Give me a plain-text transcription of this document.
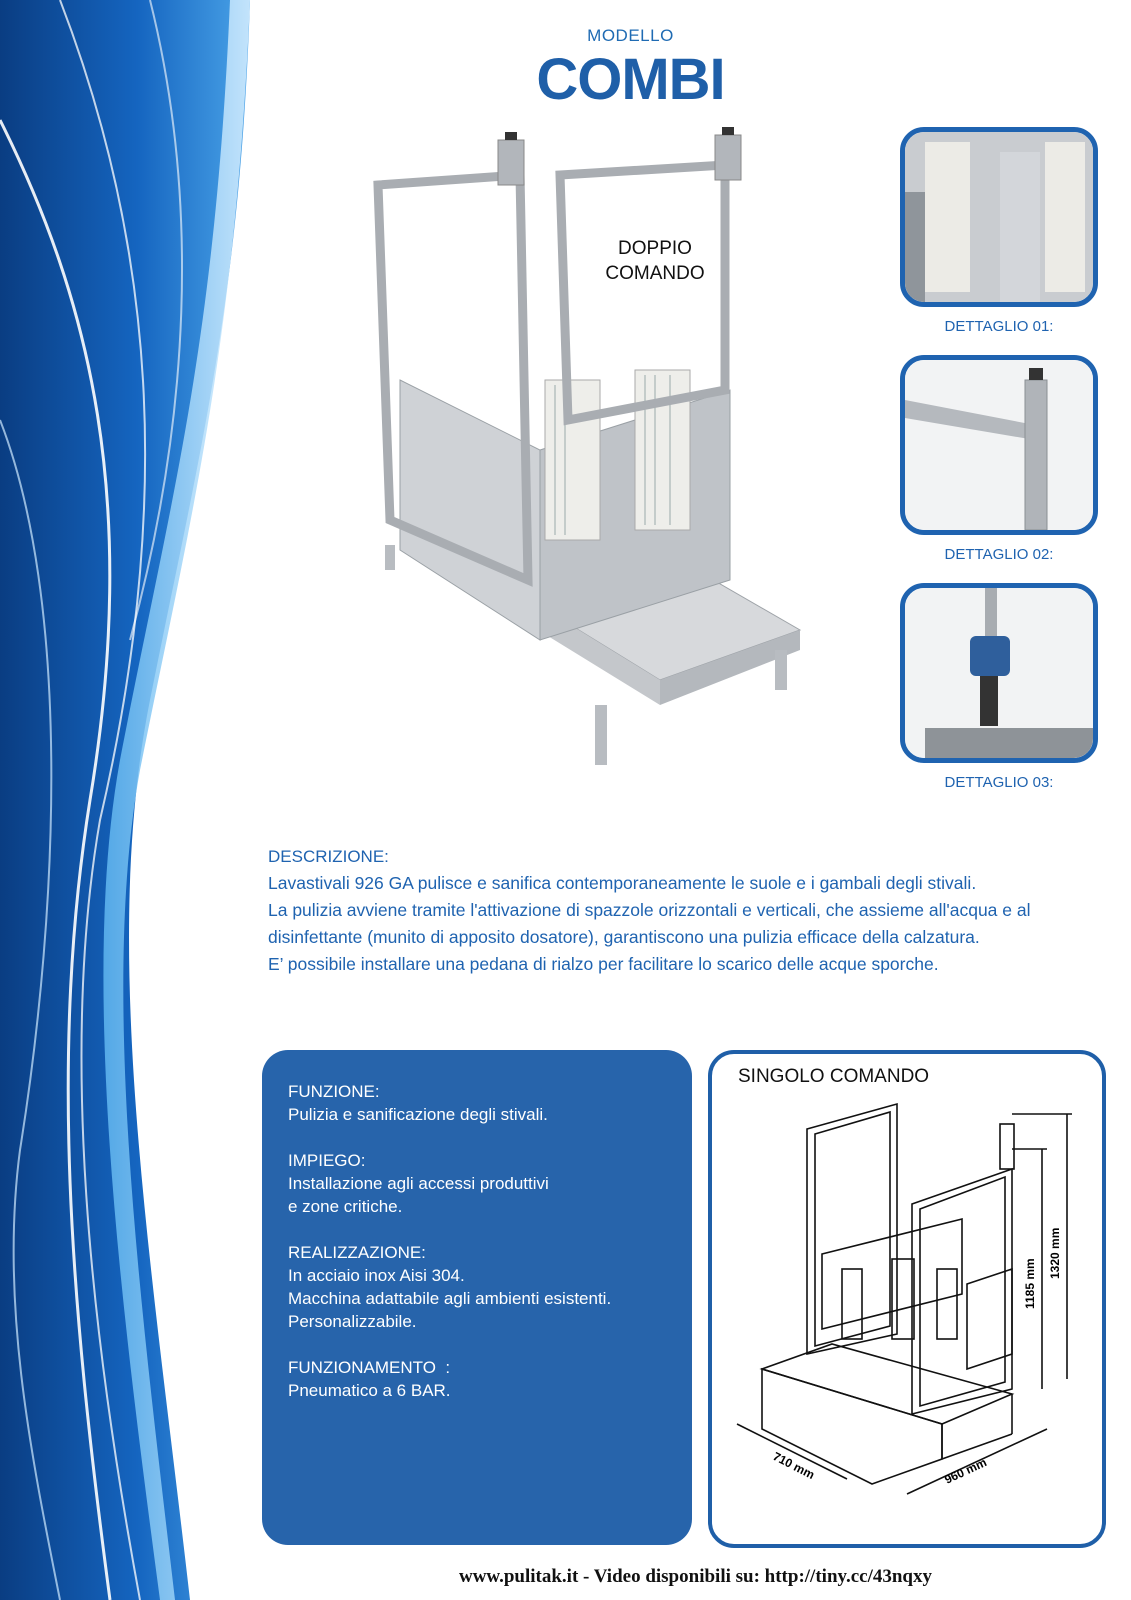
MODELLO
COMBI
DOPPIO
COMANDO
DETTAGLIO 01:
DETTAGLIO 02:
DETTAGLIO 03:
DESCRIZIONE:
Lavastivali 926 GA pulisce e sanifica contemporaneamente le suole e i gambali degli stivali.
La pulizia avviene tramite l'attivazione di spazzole orizzontali e verticali, che assieme all'acqua e al
disinfettante (munito di apposito dosatore), garantiscono una pulizia efficace della calzatura.
E’ possibile installare una pedana di rialzo per facilitare lo scarico delle acque sporche.
FUNZIONE:
Pulizia e sanificazione degli stivali.
IMPIEGO:
Installazione agli accessi produttivi
e zone critiche.
REALIZZAZIONE:
In acciaio inox Aisi 304.
Macchina adattabile agli ambienti esistenti.
Personalizzabile.
FUNZIONAMENTO  :
Pneumatico a 6 BAR.
SINGOLO COMANDO
710 mm	960 mm
1185 mm
1320 mm
www.pulitak.it - Video disponibili su: http://tiny.cc/43nqxy
